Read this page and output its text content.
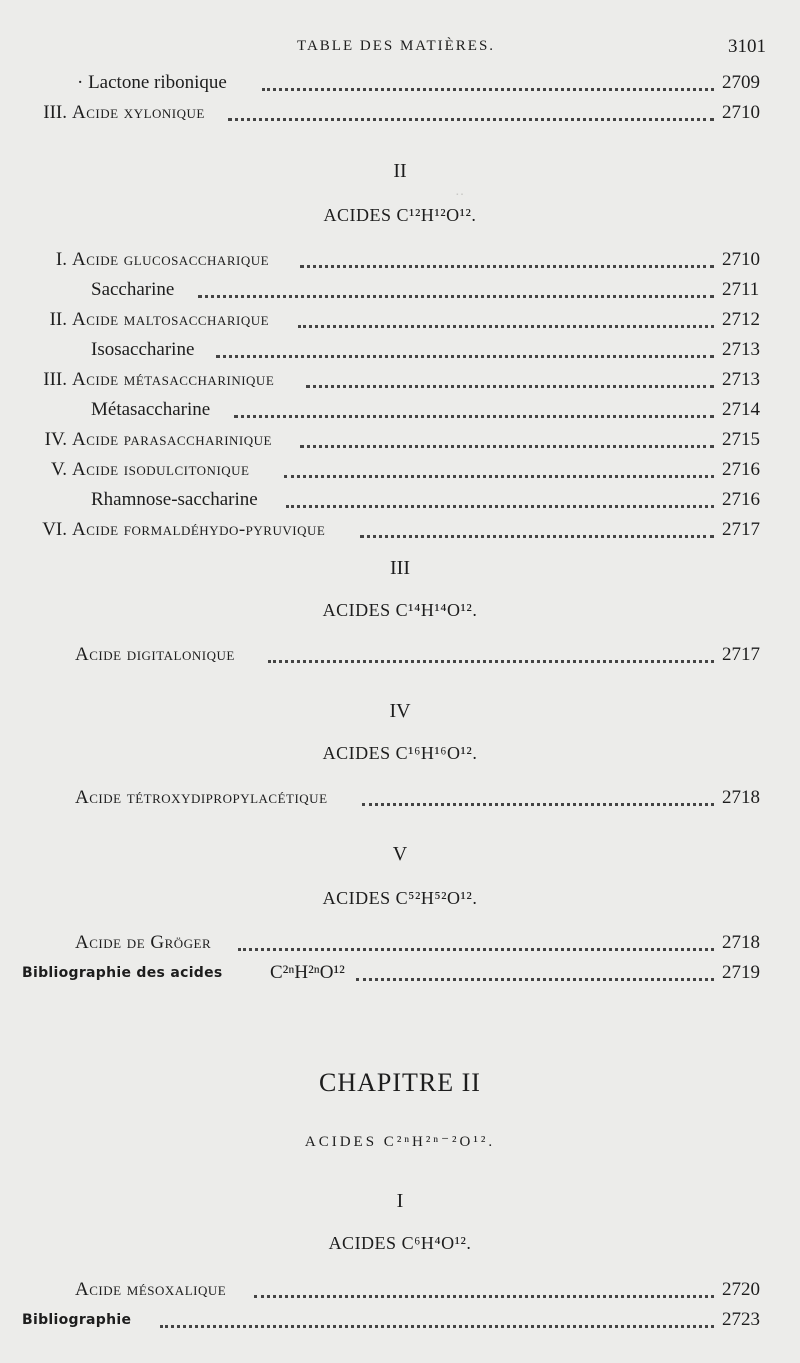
‥
TABLE DES MATIÈRES.	3101
· Lactone ribonique	2709
III. Acide xylonique	2710
II
ACIDES C¹²H¹²O¹².
I. Acide glucosaccharique	2710
Saccharine	2711
II. Acide maltosaccharique	2712
Isosaccharine	2713
III. Acide métasaccharinique	2713
Métasaccharine	2714
IV. Acide parasaccharinique	2715
V. Acide isodulcitonique	2716
Rhamnose-saccharine	2716
VI. Acide formaldéhydo-pyruvique	2717
III
ACIDES C¹⁴H¹⁴O¹².
Acide digitalonique	2717
IV
ACIDES C¹⁶H¹⁶O¹².
Acide tétroxydipropylacétique	2718
V
ACIDES C⁵²H⁵²O¹².
Acide de Gröger	2718
Bibliographie des acides C²ⁿH²ⁿO¹²	2719
CHAPITRE II
ACIDES C²ⁿH²ⁿ⁻²O¹².
I
ACIDES C⁶H⁴O¹².
Acide mésoxalique	2720
Bibliographie	2723
